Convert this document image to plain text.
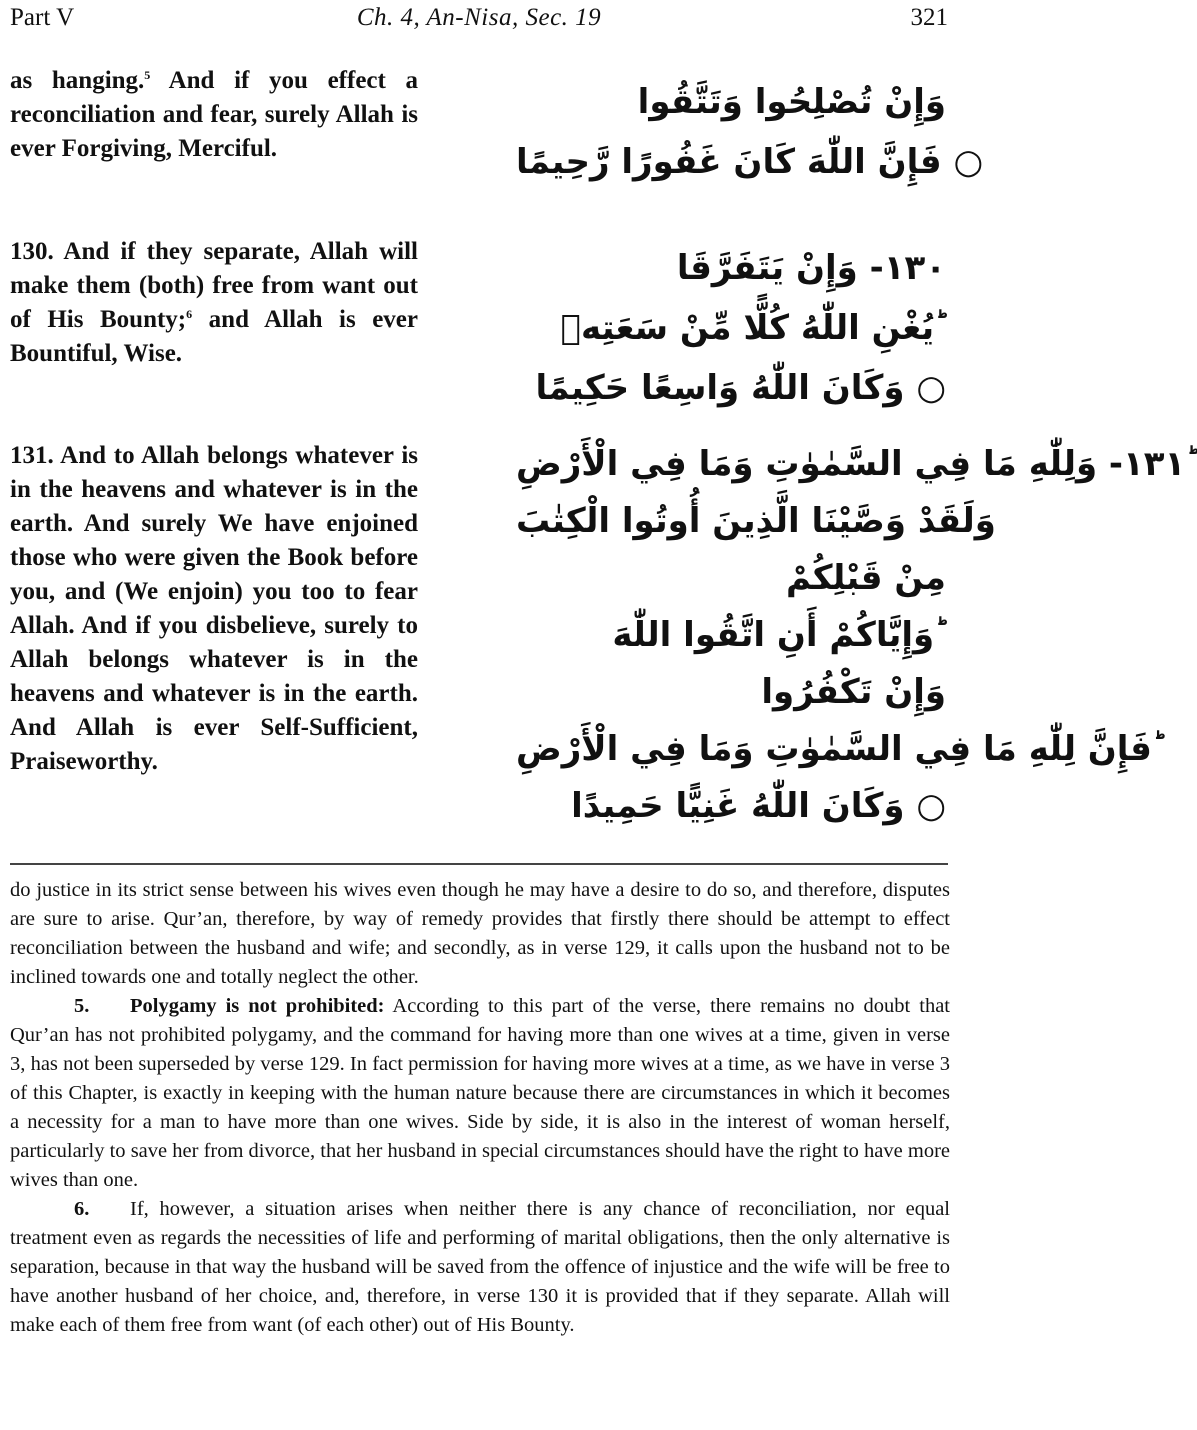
Part V	Ch. 4, An-Nisa, Sec. 19	321
as hanging.$^5$ And if you effect a reconciliation and fear, surely Allah is ever Forgiving, Merciful.
وَإِنْ تُصْلِحُوا وَتَتَّقُوا
فَإِنَّ اللّٰهَ كَانَ غَفُورًا رَّحِيمًا ○
130. And if they separate, Allah will make them (both) free from want out of His Bounty;$^6$ and Allah is ever Bountiful, Wise.
١٣٠- وَإِنْ يَتَفَرَّقَا
يُغْنِ اللّٰهُ كُلًّا مِّنْ سَعَتِهٖ ؕ
وَكَانَ اللّٰهُ وَاسِعًا حَكِيمًا ○
131. And to Allah belongs whatever is in the heavens and whatever is in the earth. And surely We have enjoined those who were given the Book before you, and (We enjoin) you too to fear Allah. And if you disbelieve, surely to Allah belongs whatever is in the heavens and whatever is in the earth. And Allah is ever Self-Sufficient, Praiseworthy.
١٣١- وَلِلّٰهِ مَا فِي السَّمٰوٰتِ وَمَا فِي الْأَرْضِ ؕ
وَلَقَدْ وَصَّيْنَا الَّذِينَ أُوتُوا الْكِتٰبَ
مِنْ قَبْلِكُمْ
وَإِيَّاكُمْ أَنِ اتَّقُوا اللّٰهَ ؕ
وَإِنْ تَكْفُرُوا
فَإِنَّ لِلّٰهِ مَا فِي السَّمٰوٰتِ وَمَا فِي الْأَرْضِ ؕ
وَكَانَ اللّٰهُ غَنِيًّا حَمِيدًا ○

do justice in its strict sense between his wives even though he may have a desire to do so, and therefore, disputes are sure to arise. Qur’an, therefore, by way of remedy provides that firstly there should be attempt to effect reconciliation between the husband and wife; and secondly, as in verse 129, it calls upon the husband not to be inclined towards one and totally neglect the other.

5. Polygamy is not prohibited: According to this part of the verse, there remains no doubt that Qur’an has not prohibited polygamy, and the command for having more than one wives at a time, given in verse 3, has not been superseded by verse 129. In fact permission for having more wives at a time, as we have in verse 3 of this Chapter, is exactly in keeping with the human nature because there are circumstances in which it becomes a necessity for a man to have more than one wives. Side by side, it is also in the interest of woman herself, particularly to save her from divorce, that her husband in special circumstances should have the right to have more wives than one.

6. If, however, a situation arises when neither there is any chance of reconciliation, nor equal treatment even as regards the necessities of life and performing of marital obligations, then the only alternative is separation, because in that way the husband will be saved from the offence of injustice and the wife will be free to have another husband of her choice, and, therefore, in verse 130 it is provided that if they separate. Allah will make each of them free from want (of each other) out of His Bounty.
